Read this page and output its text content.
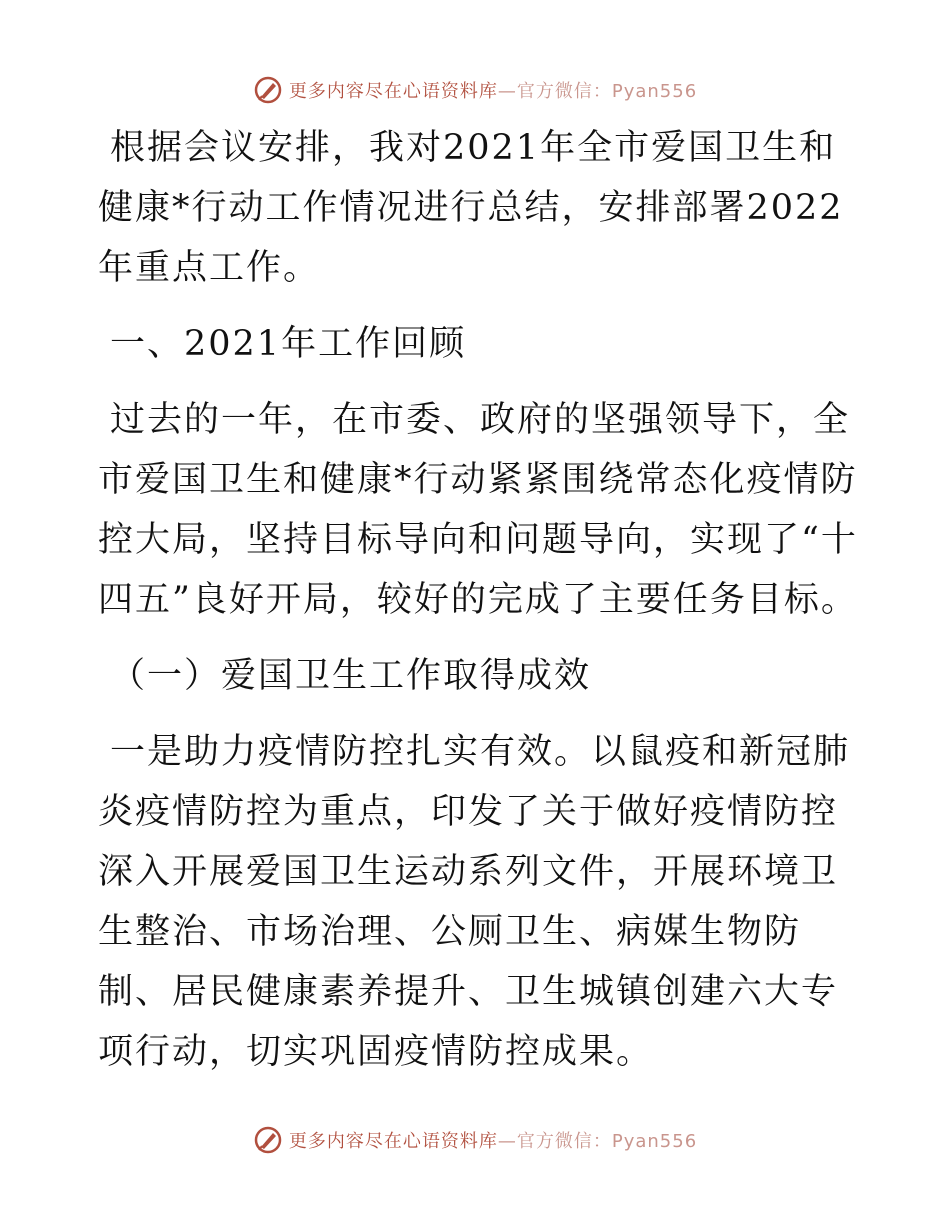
更多内容尽在心语资料库—官方微信：Pyan556

根据会议安排，我对2021年全市爱国卫生和健康*行动工作情况进行总结，安排部署2022年重点工作。

一、2021年工作回顾

过去的一年，在市委、政府的坚强领导下，全市爱国卫生和健康*行动紧紧围绕常态化疫情防控大局，坚持目标导向和问题导向，实现了“十四五”良好开局，较好的完成了主要任务目标。

（一）爱国卫生工作取得成效

一是助力疫情防控扎实有效。以鼠疫和新冠肺炎疫情防控为重点，印发了关于做好疫情防控深入开展爱国卫生运动系列文件，开展环境卫生整治、市场治理、公厕卫生、病媒生物防制、居民健康素养提升、卫生城镇创建六大专项行动，切实巩固疫情防控成果。

更多内容尽在心语资料库—官方微信：Pyan556
